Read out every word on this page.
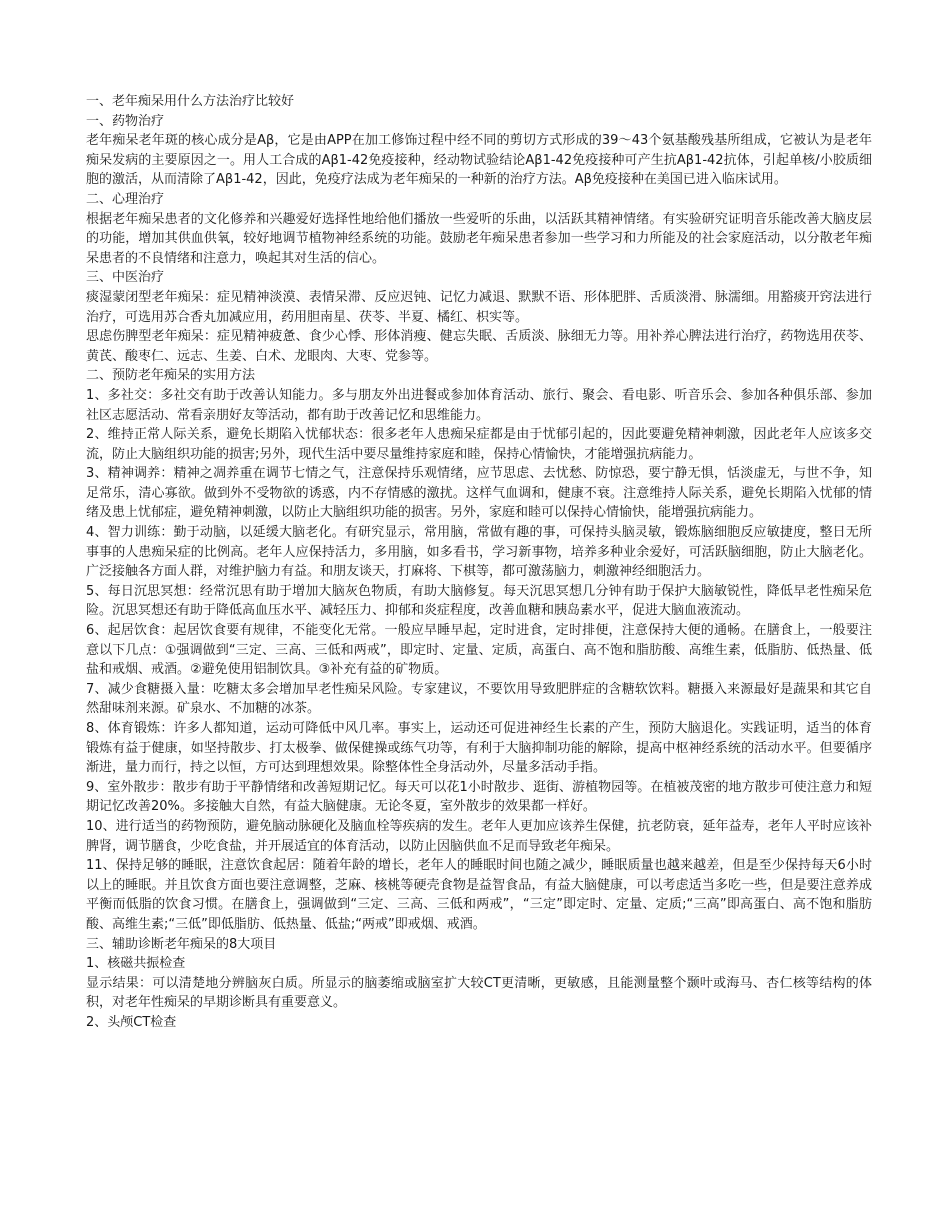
一、老年痴呆用什么方法治疗比较好

一、药物治疗

老年痴呆老年斑的核心成分是Aβ，它是由APP在加工修饰过程中经不同的剪切方式形成的39～43个氨基酸残基所组成，它被认为是老年痴呆发病的主要原因之一。用人工合成的Aβ1-42免疫接种，经动物试验结论Aβ1-42免疫接种可产生抗Aβ1-42抗体，引起单核/小胶质细胞的激活，从而清除了Aβ1-42，因此，免疫疗法成为老年痴呆的一种新的治疗方法。Aβ免疫接种在美国已进入临床试用。

二、心理治疗

根据老年痴呆患者的文化修养和兴趣爱好选择性地给他们播放一些爱听的乐曲，以活跃其精神情绪。有实验研究证明音乐能改善大脑皮层的功能，增加其供血供氧，较好地调节植物神经系统的功能。鼓励老年痴呆患者参加一些学习和力所能及的社会家庭活动，以分散老年痴呆患者的不良情绪和注意力，唤起其对生活的信心。

三、中医治疗

痰湿蒙闭型老年痴呆：症见精神淡漠、表情呆滞、反应迟钝、记忆力减退、默默不语、形体肥胖、舌质淡滑、脉濡细。用豁痰开窍法进行治疗，可选用苏合香丸加减应用，药用胆南星、茯苓、半夏、橘红、枳实等。

思虑伤脾型老年痴呆：症见精神疲惫、食少心悸、形体消瘦、健忘失眠、舌质淡、脉细无力等。用补养心脾法进行治疗，药物选用茯苓、黄芪、酸枣仁、远志、生姜、白术、龙眼肉、大枣、党参等。

二、预防老年痴呆的实用方法

1、多社交：多社交有助于改善认知能力。多与朋友外出进餐或参加体育活动、旅行、聚会、看电影、听音乐会、参加各种俱乐部、参加社区志愿活动、常看亲朋好友等活动，都有助于改善记忆和思维能力。

2、维持正常人际关系，避免长期陷入忧郁状态：很多老年人患痴呆症都是由于忧郁引起的，因此要避免精神刺激，因此老年人应该多交流，防止大脑组织功能的损害;另外，现代生活中要尽量维持家庭和睦，保持心情愉快，才能增强抗病能力。

3、精神调养：精神之凋养重在调节七情之气，注意保持乐观情绪，应节思虑、去忧愁、防惊恐，要宁静无惧，恬淡虚无，与世不争，知足常乐，清心寡欲。做到外不受物欲的诱惑，内不存情感的激扰。这样气血调和，健康不衰。注意维持人际关系，避免长期陷入忧郁的情绪及患上忧郁症，避免精神刺激，以防止大脑组织功能的损害。另外，家庭和睦可以保持心情愉快，能增强抗病能力。

4、智力训练：勤于动脑，以延缓大脑老化。有研究显示，常用脑，常做有趣的事，可保持头脑灵敏，锻炼脑细胞反应敏捷度，整日无所事事的人患痴呆症的比例高。老年人应保持活力，多用脑，如多看书，学习新事物，培养多种业余爱好，可活跃脑细胞，防止大脑老化。广泛接触各方面人群，对维护脑力有益。和朋友谈天，打麻将、下棋等，都可激荡脑力，刺激神经细胞活力。

5、每日沉思冥想：经常沉思有助于增加大脑灰色物质，有助大脑修复。每天沉思冥想几分钟有助于保护大脑敏锐性，降低早老性痴呆危险。沉思冥想还有助于降低高血压水平、减轻压力、抑郁和炎症程度，改善血糖和胰岛素水平，促进大脑血液流动。

6、起居饮食：起居饮食要有规律，不能变化无常。一般应早睡早起，定时进食，定时排便，注意保持大便的通畅。在膳食上，一般要注意以下几点：①强调做到“三定、三高、三低和两戒”，即定时、定量、定质，高蛋白、高不饱和脂肪酸、高维生素，低脂肪、低热量、低盐和戒烟、戒酒。②避免使用铝制饮具。③补充有益的矿物质。

7、减少食糖摄入量：吃糖太多会增加早老性痴呆风险。专家建议，不要饮用导致肥胖症的含糖软饮料。糖摄入来源最好是蔬果和其它自然甜味剂来源。矿泉水、不加糖的冰茶。

8、体育锻炼：许多人都知道，运动可降低中风几率。事实上，运动还可促进神经生长素的产生，预防大脑退化。实践证明，适当的体育锻炼有益于健康，如坚持散步、打太极拳、做保健操或练气功等，有利于大脑抑制功能的解除，提高中枢神经系统的活动水平。但要循序渐进，量力而行，持之以恒，方可达到理想效果。除整体性全身活动外，尽量多活动手指。

9、室外散步：散步有助于平静情绪和改善短期记忆。每天可以花1小时散步、逛街、游植物园等。在植被茂密的地方散步可使注意力和短期记忆改善20%。多接触大自然，有益大脑健康。无论冬夏，室外散步的效果都一样好。

10、进行适当的药物预防，避免脑动脉硬化及脑血栓等疾病的发生。老年人更加应该养生保健，抗老防衰，延年益寿，老年人平时应该补脾肾，调节膳食，少吃食盐，并开展适宜的体育活动，以防止因脑供血不足而导致老年痴呆。

11、保持足够的睡眠，注意饮食起居：随着年龄的增长，老年人的睡眠时间也随之减少，睡眠质量也越来越差，但是至少保持每天6小时以上的睡眠。并且饮食方面也要注意调整，芝麻、核桃等硬壳食物是益智食品，有益大脑健康，可以考虑适当多吃一些，但是要注意养成平衡而低脂的饮食习惯。在膳食上，强调做到“三定、三高、三低和两戒”，“三定”即定时、定量、定质;“三高”即高蛋白、高不饱和脂肪酸、高维生素;“三低”即低脂肪、低热量、低盐;“两戒”即戒烟、戒酒。

三、辅助诊断老年痴呆的8大项目

1、核磁共振检查

显示结果：可以清楚地分辨脑灰白质。所显示的脑萎缩或脑室扩大较CT更清晰，更敏感，且能测量整个颞叶或海马、杏仁核等结构的体积，对老年性痴呆的早期诊断具有重要意义。

2、头颅CT检查
